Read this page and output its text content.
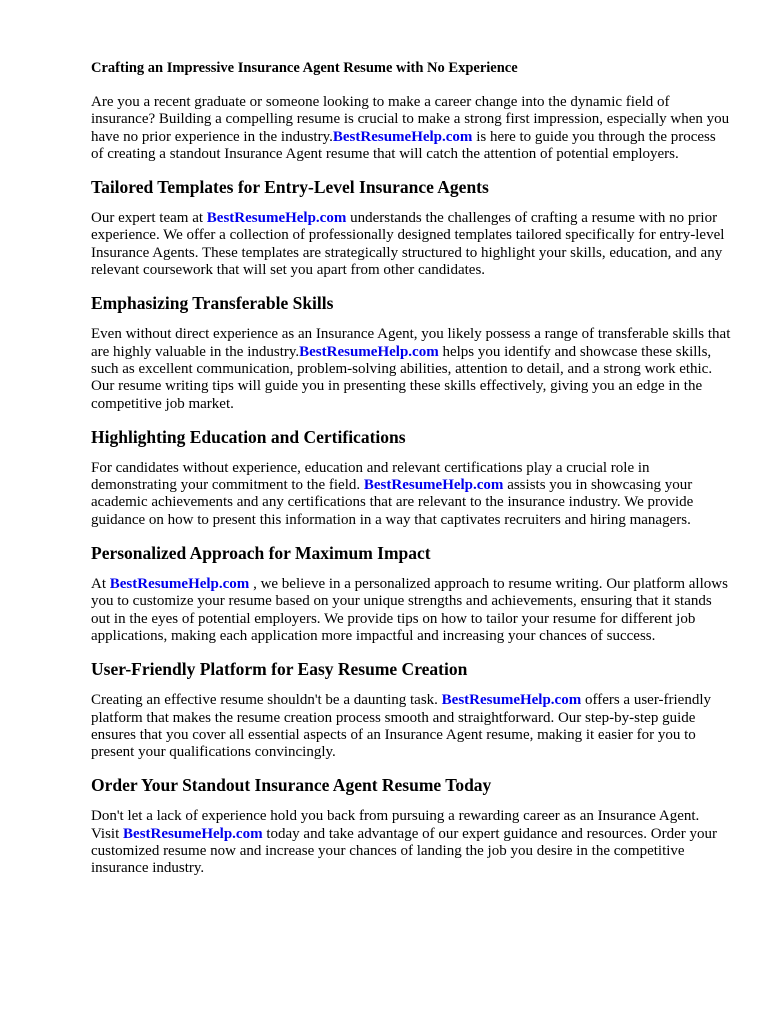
Crafting an Impressive Insurance Agent Resume with No Experience

Are you a recent graduate or someone looking to make a career change into the dynamic field of insurance? Building a compelling resume is crucial to make a strong first impression, especially when you have no prior experience in the industry.BestResumeHelp.com is here to guide you through the process of creating a standout Insurance Agent resume that will catch the attention of potential employers.

Tailored Templates for Entry-Level Insurance Agents

Our expert team at BestResumeHelp.com understands the challenges of crafting a resume with no prior experience. We offer a collection of professionally designed templates tailored specifically for entry-level Insurance Agents. These templates are strategically structured to highlight your skills, education, and any relevant coursework that will set you apart from other candidates.

Emphasizing Transferable Skills

Even without direct experience as an Insurance Agent, you likely possess a range of transferable skills that are highly valuable in the industry.BestResumeHelp.com helps you identify and showcase these skills, such as excellent communication, problem-solving abilities, attention to detail, and a strong work ethic. Our resume writing tips will guide you in presenting these skills effectively, giving you an edge in the competitive job market.

Highlighting Education and Certifications

For candidates without experience, education and relevant certifications play a crucial role in demonstrating your commitment to the field. BestResumeHelp.com assists you in showcasing your academic achievements and any certifications that are relevant to the insurance industry. We provide guidance on how to present this information in a way that captivates recruiters and hiring managers.

Personalized Approach for Maximum Impact

At BestResumeHelp.com , we believe in a personalized approach to resume writing. Our platform allows you to customize your resume based on your unique strengths and achievements, ensuring that it stands out in the eyes of potential employers. We provide tips on how to tailor your resume for different job applications, making each application more impactful and increasing your chances of success.

User-Friendly Platform for Easy Resume Creation

Creating an effective resume shouldn't be a daunting task. BestResumeHelp.com offers a user-friendly platform that makes the resume creation process smooth and straightforward. Our step-by-step guide ensures that you cover all essential aspects of an Insurance Agent resume, making it easier for you to present your qualifications convincingly.

Order Your Standout Insurance Agent Resume Today

Don't let a lack of experience hold you back from pursuing a rewarding career as an Insurance Agent. Visit BestResumeHelp.com today and take advantage of our expert guidance and resources. Order your customized resume now and increase your chances of landing the job you desire in the competitive insurance industry.
